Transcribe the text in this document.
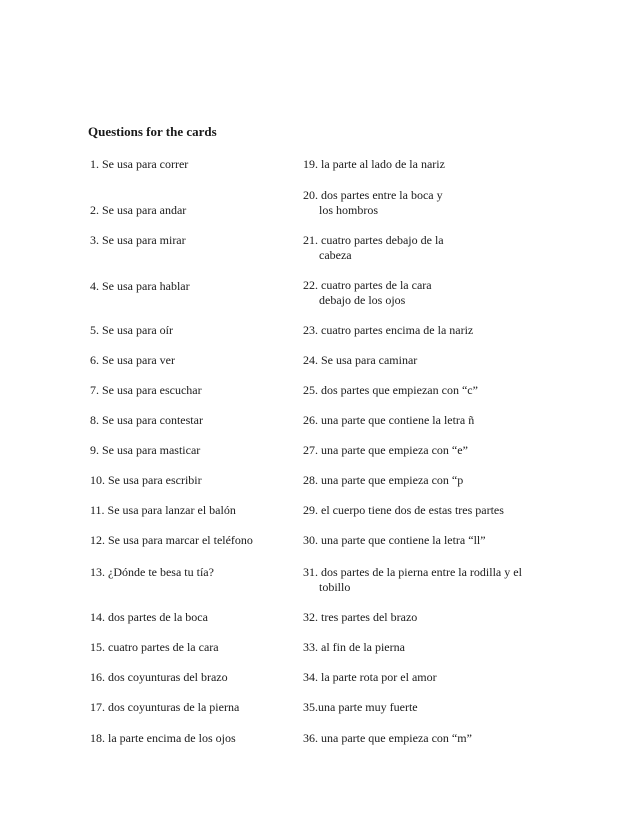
Questions for the cards
1. Se usa para correr
2. Se usa para andar
3. Se usa para mirar
4. Se usa para hablar
5. Se usa para oír
6. Se usa para ver
7. Se usa para escuchar
8. Se usa para contestar
9. Se usa para masticar
10. Se usa para escribir
11. Se usa para lanzar el balón
12. Se usa para marcar el teléfono
13. ¿Dónde te besa tu tía?
14. dos partes de la boca
15. cuatro partes de la cara
16. dos coyunturas del brazo
17. dos coyunturas de la pierna
18. la parte encima de los ojos
19. la parte al lado de la nariz
20. dos partes entre la boca y
los hombros
21. cuatro partes debajo de la
cabeza
22. cuatro partes de la cara
debajo de los ojos
23. cuatro partes encima de la nariz
24. Se usa para caminar
25. dos partes que empiezan con “c”
26. una parte que contiene la letra ñ
27. una parte que empieza con “e”
28. una parte que empieza con “p
29. el cuerpo tiene dos de estas tres partes
30. una parte que contiene la letra “ll”
31. dos partes de la pierna entre la rodilla y el
tobillo
32. tres partes del brazo
33. al fin de la pierna
34. la parte rota por el amor
35.una parte muy fuerte
36. una parte que empieza con “m”
